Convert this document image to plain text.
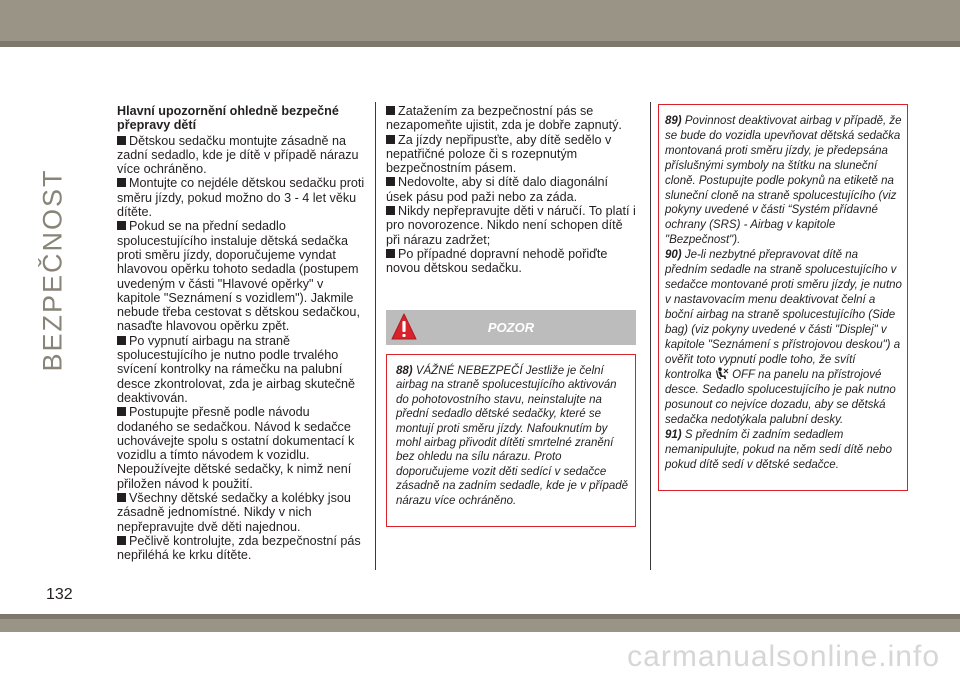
BEZPEČNOST
Hlavní upozornění ohledně bezpečné přepravy dětí

Dětskou sedačku montujte zásadně na zadní sedadlo, kde je dítě v případě nárazu více ochráněno.

Montujte co nejdéle dětskou sedačku proti směru jízdy, pokud možno do 3 - 4 let věku dítěte.

Pokud se na přední sedadlo spolucestujícího instaluje dětská sedačka proti směru jízdy, doporučujeme vyndat hlavovou opěrku tohoto sedadla (postupem uvedeným v části "Hlavové opěrky" v kapitole "Seznámení s vozidlem"). Jakmile nebude třeba cestovat s dětskou sedačkou, nasaďte hlavovou opěrku zpět.

Po vypnutí airbagu na straně spolucestujícího je nutno podle trvalého svícení kontrolky na rámečku na palubní desce zkontrolovat, zda je airbag skutečně deaktivován.

Postupujte přesně podle návodu dodaného se sedačkou. Návod k sedačce uchovávejte spolu s ostatní dokumentací k vozidlu a tímto návodem k vozidlu. Nepoužívejte dětské sedačky, k nimž není přiložen návod k použití.

Všechny dětské sedačky a kolébky jsou zásadně jednomístné. Nikdy v nich nepřepravujte dvě děti najednou.

Pečlivě kontrolujte, zda bezpečnostní pás nepřiléhá ke krku dítěte.

Zatažením za bezpečnostní pás se nezapomeňte ujistit, zda je dobře zapnutý.

Za jízdy nepřipusťte, aby dítě sedělo v nepatřičné poloze či s rozepnutým bezpečnostním pásem.

Nedovolte, aby si dítě dalo diagonální úsek pásu pod paži nebo za záda.

Nikdy nepřepravujte děti v náručí. To platí i pro novorozence. Nikdo není schopen dítě při nárazu zadržet;

Po případné dopravní nehodě pořiďte novou dětskou sedačku.

POZOR
88) VÁŽNÉ NEBEZPEČÍ Jestliže je čelní airbag na straně spolucestujícího aktivován do pohotovostního stavu, neinstalujte na přední sedadlo dětské sedačky, které se montují proti směru jízdy. Nafouknutím by mohl airbag přivodit dítěti smrtelné zranění bez ohledu na sílu nárazu. Proto doporučujeme vozit děti sedící v sedačce zásadně na zadním sedadle, kde je v případě nárazu více ochráněno.
89) Povinnost deaktivovat airbag v případě, že se bude do vozidla upevňovat dětská sedačka montovaná proti směru jízdy, je předepsána příslušnými symboly na štítku na sluneční cloně. Postupujte podle pokynů na etiketě na sluneční cloně na straně spolucestujícího (viz pokyny uvedené v části “Systém přídavné ochrany (SRS) - Airbag v kapitole "Bezpečnost").
90) Je-li nezbytné přepravovat dítě na předním sedadle na straně spolucestujícího v sedačce montované proti směru jízdy, je nutno v nastavovacím menu deaktivovat čelní a boční airbag na straně spolucestujícího (Side bag) (viz pokyny uvedené v části "Displej" v kapitole "Seznámení s přístrojovou deskou") a ověřit toto vypnutí podle toho, že svítí kontrolka OFF na panelu na přístrojové desce. Sedadlo spolucestujícího je pak nutno posunout co nejvíce dozadu, aby se dětská sedačka nedotýkala palubní desky.
91) S předním či zadním sedadlem nemanipulujte, pokud na něm sedí dítě nebo pokud dítě sedí v dětské sedačce.
132
carmanualsonline.info
